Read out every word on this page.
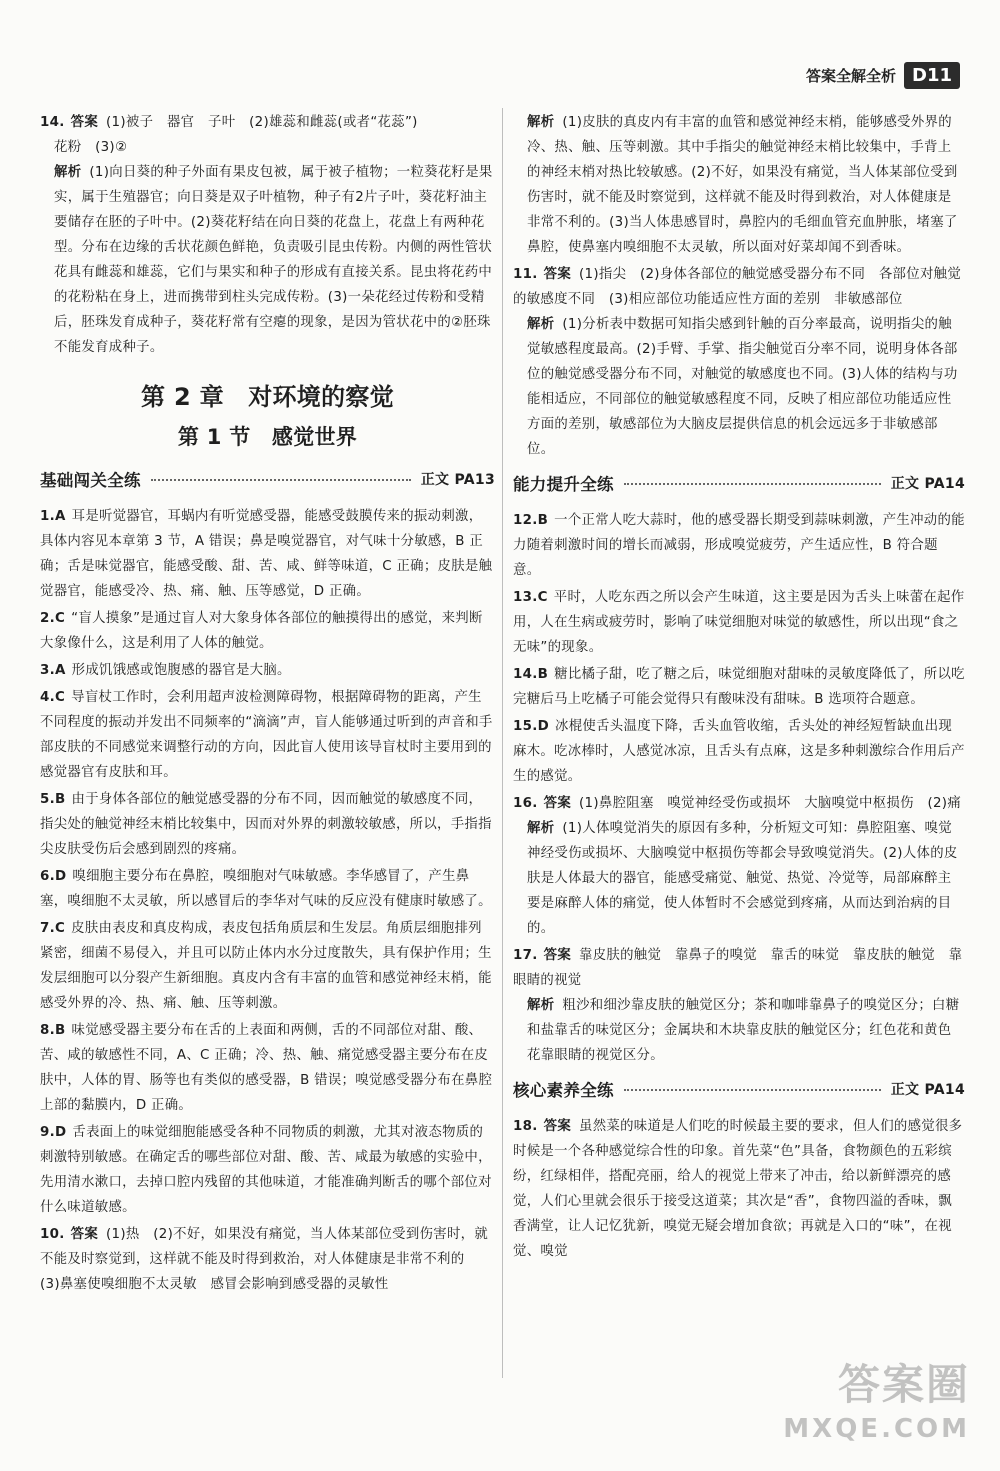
答案全解全析 D11
14. 答案 (1)被子　器官　子叶　(2)雄蕊和雌蕊(或者“花蕊”)
花粉　(3)②
解析 (1)向日葵的种子外面有果皮包被，属于被子植物；一粒葵花籽是果实，属于生殖器官；向日葵是双子叶植物，种子有2片子叶，葵花籽油主要储存在胚的子叶中。(2)葵花籽结在向日葵的花盘上，花盘上有两种花型。分布在边缘的舌状花颜色鲜艳，负责吸引昆虫传粉。内侧的两性管状花具有雌蕊和雄蕊，它们与果实和种子的形成有直接关系。昆虫将花药中的花粉粘在身上，进而携带到柱头完成传粉。(3)一朵花经过传粉和受精后，胚珠发育成种子，葵花籽常有空瘪的现象，是因为管状花中的②胚珠不能发育成种子。
第 2 章　对环境的察觉
第 1 节　感觉世界
基础闯关全练	正文 PA13
1.A 耳是听觉器官，耳蜗内有听觉感受器，能感受鼓膜传来的振动刺激，具体内容见本章第 3 节，A 错误；鼻是嗅觉器官，对气味十分敏感，B 正确；舌是味觉器官，能感受酸、甜、苦、咸、鲜等味道，C 正确；皮肤是触觉器官，能感受冷、热、痛、触、压等感觉，D 正确。
2.C “盲人摸象”是通过盲人对大象身体各部位的触摸得出的感觉，来判断大象像什么，这是利用了人体的触觉。
3.A 形成饥饿感或饱腹感的器官是大脑。
4.C 导盲杖工作时，会利用超声波检测障碍物，根据障碍物的距离，产生不同程度的振动并发出不同频率的“滴滴”声，盲人能够通过听到的声音和手部皮肤的不同感觉来调整行动的方向，因此盲人使用该导盲杖时主要用到的感觉器官有皮肤和耳。
5.B 由于身体各部位的触觉感受器的分布不同，因而触觉的敏感度不同，指尖处的触觉神经末梢比较集中，因而对外界的刺激较敏感，所以，手指指尖皮肤受伤后会感到剧烈的疼痛。
6.D 嗅细胞主要分布在鼻腔，嗅细胞对气味敏感。李华感冒了，产生鼻塞，嗅细胞不太灵敏，所以感冒后的李华对气味的反应没有健康时敏感了。
7.C 皮肤由表皮和真皮构成，表皮包括角质层和生发层。角质层细胞排列紧密，细菌不易侵入，并且可以防止体内水分过度散失，具有保护作用；生发层细胞可以分裂产生新细胞。真皮内含有丰富的血管和感觉神经末梢，能感受外界的冷、热、痛、触、压等刺激。
8.B 味觉感受器主要分布在舌的上表面和两侧，舌的不同部位对甜、酸、苦、咸的敏感性不同，A、C 正确；冷、热、触、痛觉感受器主要分布在皮肤中，人体的胃、肠等也有类似的感受器，B 错误；嗅觉感受器分布在鼻腔上部的黏膜内，D 正确。
9.D 舌表面上的味觉细胞能感受各种不同物质的刺激，尤其对液态物质的刺激特别敏感。在确定舌的哪些部位对甜、酸、苦、咸最为敏感的实验中，先用清水漱口，去掉口腔内残留的其他味道，才能准确判断舌的哪个部位对什么味道敏感。
10. 答案 (1)热　(2)不好，如果没有痛觉，当人体某部位受到伤害时，就不能及时察觉到，这样就不能及时得到救治，对人体健康是非常不利的　(3)鼻塞使嗅细胞不太灵敏　感冒会影响到感受器的灵敏性
解析 (1)皮肤的真皮内有丰富的血管和感觉神经末梢，能够感受外界的冷、热、触、压等刺激。其中手指尖的触觉神经末梢比较集中，手背上的神经末梢对热比较敏感。(2)不好，如果没有痛觉，当人体某部位受到伤害时，就不能及时察觉到，这样就不能及时得到救治，对人体健康是非常不利的。(3)当人体患感冒时，鼻腔内的毛细血管充血肿胀，堵塞了鼻腔，使鼻塞内嗅细胞不太灵敏，所以面对好菜却闻不到香味。
11. 答案 (1)指尖　(2)身体各部位的触觉感受器分布不同　各部位对触觉的敏感度不同　(3)相应部位功能适应性方面的差别　非敏感部位
解析 (1)分析表中数据可知指尖感到针触的百分率最高，说明指尖的触觉敏感程度最高。(2)手臂、手掌、指尖触觉百分率不同，说明身体各部位的触觉感受器分布不同，对触觉的敏感度也不同。(3)人体的结构与功能相适应，不同部位的触觉敏感程度不同，反映了相应部位功能适应性方面的差别，敏感部位为大脑皮层提供信息的机会远远多于非敏感部位。
能力提升全练	正文 PA14
12.B 一个正常人吃大蒜时，他的感受器长期受到蒜味刺激，产生冲动的能力随着刺激时间的增长而减弱，形成嗅觉疲劳，产生适应性，B 符合题意。
13.C 平时，人吃东西之所以会产生味道，这主要是因为舌头上味蕾在起作用，人在生病或疲劳时，影响了味觉细胞对味觉的敏感性，所以出现“食之无味”的现象。
14.B 糖比橘子甜，吃了糖之后，味觉细胞对甜味的灵敏度降低了，所以吃完糖后马上吃橘子可能会觉得只有酸味没有甜味。B 选项符合题意。
15.D 冰棍使舌头温度下降，舌头血管收缩，舌头处的神经短暂缺血出现麻木。吃冰棒时，人感觉冰凉，且舌头有点麻，这是多种刺激综合作用后产生的感觉。
16. 答案 (1)鼻腔阻塞　嗅觉神经受伤或损坏　大脑嗅觉中枢损伤　(2)痛
解析 (1)人体嗅觉消失的原因有多种，分析短文可知：鼻腔阻塞、嗅觉神经受伤或损坏、大脑嗅觉中枢损伤等都会导致嗅觉消失。(2)人体的皮肤是人体最大的器官，能感受痛觉、触觉、热觉、冷觉等，局部麻醉主要是麻醉人体的痛觉，使人体暂时不会感觉到疼痛，从而达到治病的目的。
17. 答案 靠皮肤的触觉　靠鼻子的嗅觉　靠舌的味觉　靠皮肤的触觉　靠眼睛的视觉
解析 粗沙和细沙靠皮肤的触觉区分；茶和咖啡靠鼻子的嗅觉区分；白糖和盐靠舌的味觉区分；金属块和木块靠皮肤的触觉区分；红色花和黄色花靠眼睛的视觉区分。
核心素养全练	正文 PA14
18. 答案 虽然菜的味道是人们吃的时候最主要的要求，但人们的感觉很多时候是一个各种感觉综合性的印象。首先菜“色”具备，食物颜色的五彩缤纷，红绿相伴，搭配亮丽，给人的视觉上带来了冲击，给以新鲜漂亮的感觉，人们心里就会很乐于接受这道菜；其次是“香”，食物四溢的香味，飘香满堂，让人记忆犹新，嗅觉无疑会增加食欲；再就是入口的“味”，在视觉、嗅觉
答案圈
MXQE.COM
